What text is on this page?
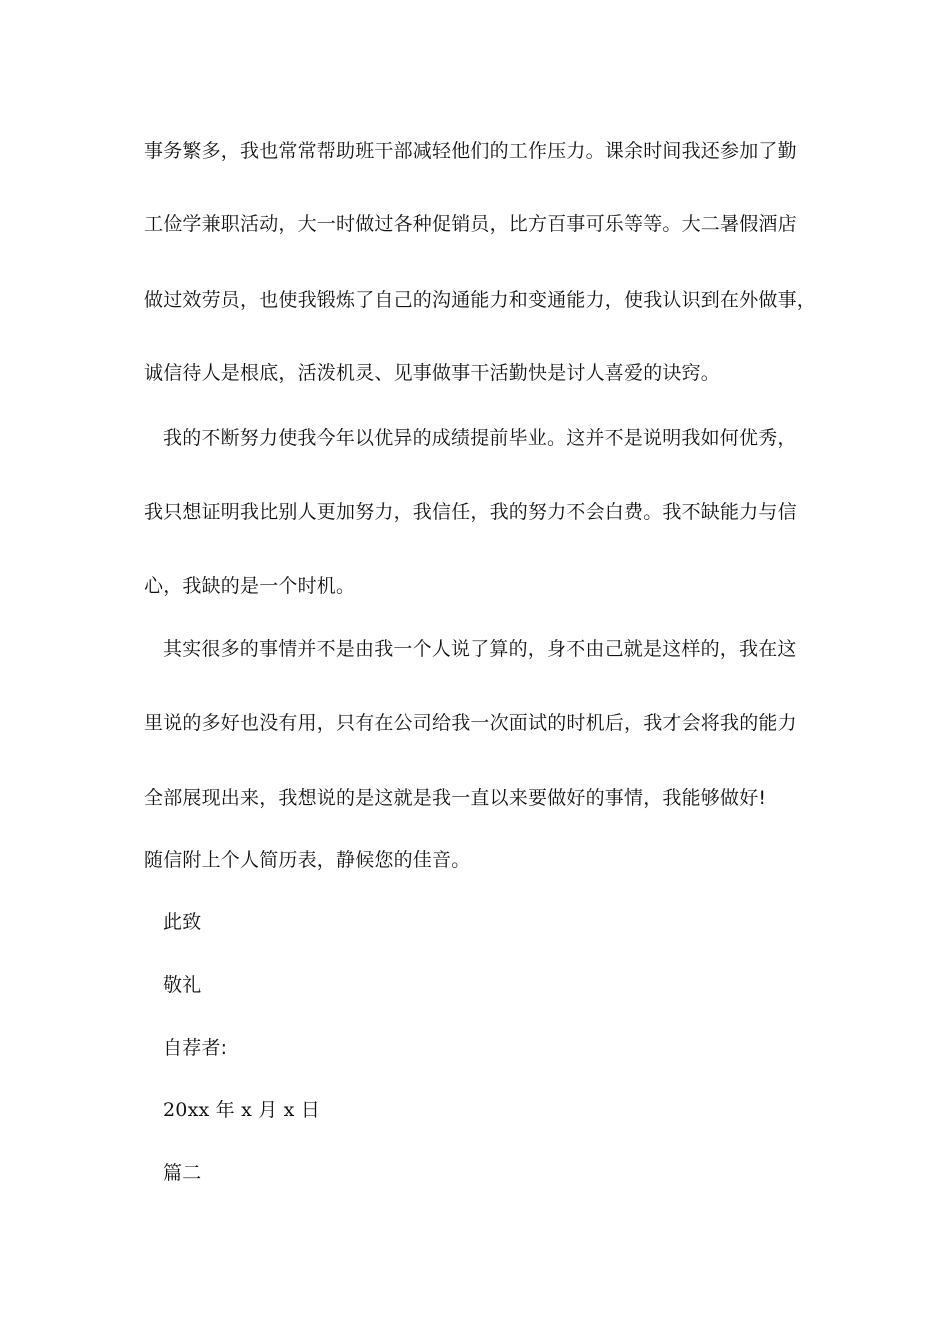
事务繁多，我也常常帮助班干部减轻他们的工作压力。课余时间我还参加了勤
工俭学兼职活动，大一时做过各种促销员，比方百事可乐等等。大二暑假酒店
做过效劳员，也使我锻炼了自己的沟通能力和变通能力，使我认识到在外做事，
诚信待人是根底，活泼机灵、见事做事干活勤快是讨人喜爱的诀窍。
我的不断努力使我今年以优异的成绩提前毕业。这并不是说明我如何优秀，
我只想证明我比别人更加努力，我信任，我的努力不会白费。我不缺能力与信
心，我缺的是一个时机。
其实很多的事情并不是由我一个人说了算的，身不由己就是这样的，我在这
里说的多好也没有用，只有在公司给我一次面试的时机后，我才会将我的能力
全部展现出来，我想说的是这就是我一直以来要做好的事情，我能够做好!
随信附上个人简历表，静候您的佳音。
此致
敬礼
自荐者:
20xx 年 x 月 x 日
篇二
